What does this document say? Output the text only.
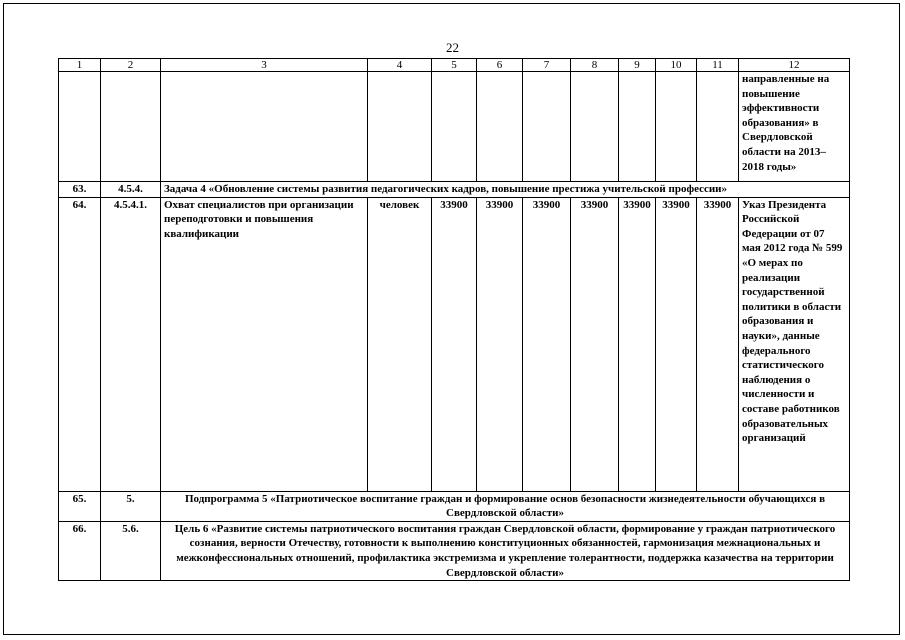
22
1	2	3	4	5	6	7	8	9	10	11	12
											направленные на повышение эффективности образования» в Свердловской области на 2013–2018 годы»
63.	4.5.4.	Задача 4 «Обновление системы развития педагогических кадров, повышение престижа учительской профессии»									
64.	4.5.4.1.	Охват специалистов при организации переподготовки и повышения квалификации	человек	33900	33900	33900	33900	33900	33900	33900	Указ Президента Российской Федерации от 07 мая 2012 года № 599 «О мерах по реализации государственной политики в области образования и науки», данные федерального статистического наблюдения о численности и составе работников образовательных организаций
65.	5.	Подпрограмма 5 «Патриотическое воспитание граждан и формирование основ безопасности жизнедеятельности обучающихся в Свердловской области»									
66.	5.6.	Цель 6 «Развитие системы патриотического воспитания граждан Свердловской области, формирование у граждан патриотического сознания, верности Отечеству, готовности к выполнению конституционных обязанностей, гармонизация межнациональных и межконфессиональных отношений, профилактика экстремизма и укрепление толерантности, поддержка казачества на территории Свердловской области»									
